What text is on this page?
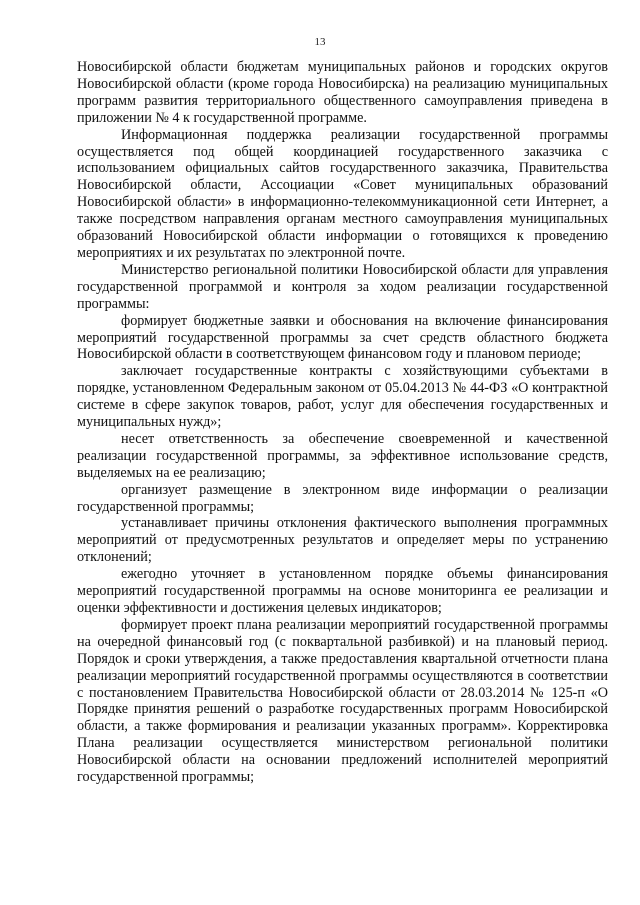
13

Новосибирской области бюджетам муниципальных районов и городских округов Новосибирской области (кроме города Новосибирска) на реализацию муниципальных программ развития территориального общественного самоуправления приведена в приложении № 4 к государственной программе.

Информационная поддержка реализации государственной программы осуществляется под общей координацией государственного заказчика с использованием официальных сайтов государственного заказчика, Правительства Новосибирской области, Ассоциации «Совет муниципальных образований Новосибирской области» в информационно-телекоммуникационной сети Интернет, а также посредством направления органам местного самоуправления муниципальных образований Новосибирской области информации о готовящихся к проведению мероприятиях и их результатах по электронной почте.

Министерство региональной политики Новосибирской области для управления государственной программой и контроля за ходом реализации государственной программы:

формирует бюджетные заявки и обоснования на включение финансирования мероприятий государственной программы за счет средств областного бюджета Новосибирской области в соответствующем финансовом году и плановом периоде;

заключает государственные контракты с хозяйствующими субъектами в порядке, установленном Федеральным законом от 05.04.2013 № 44-ФЗ «О контрактной системе в сфере закупок товаров, работ, услуг для обеспечения государственных и муниципальных нужд»;

несет ответственность за обеспечение своевременной и качественной реализации государственной программы, за эффективное использование средств, выделяемых на ее реализацию;

организует размещение в электронном виде информации о реализации государственной программы;

устанавливает причины отклонения фактического выполнения программных мероприятий от предусмотренных результатов и определяет меры по устранению отклонений;

ежегодно уточняет в установленном порядке объемы финансирования мероприятий государственной программы на основе мониторинга ее реализации и оценки эффективности и достижения целевых индикаторов;

формирует проект плана реализации мероприятий государственной программы на очередной финансовый год (с поквартальной разбивкой) и на плановый период. Порядок и сроки утверждения, а также предоставления квартальной отчетности плана реализации мероприятий государственной программы осуществляются в соответствии с постановлением Правительства Новосибирской области от 28.03.2014 № 125-п «О Порядке принятия решений о разработке государственных программ Новосибирской области, а также формирования и реализации указанных программ». Корректировка Плана реализации осуществляется министерством региональной политики Новосибирской области на основании предложений исполнителей мероприятий государственной программы;
